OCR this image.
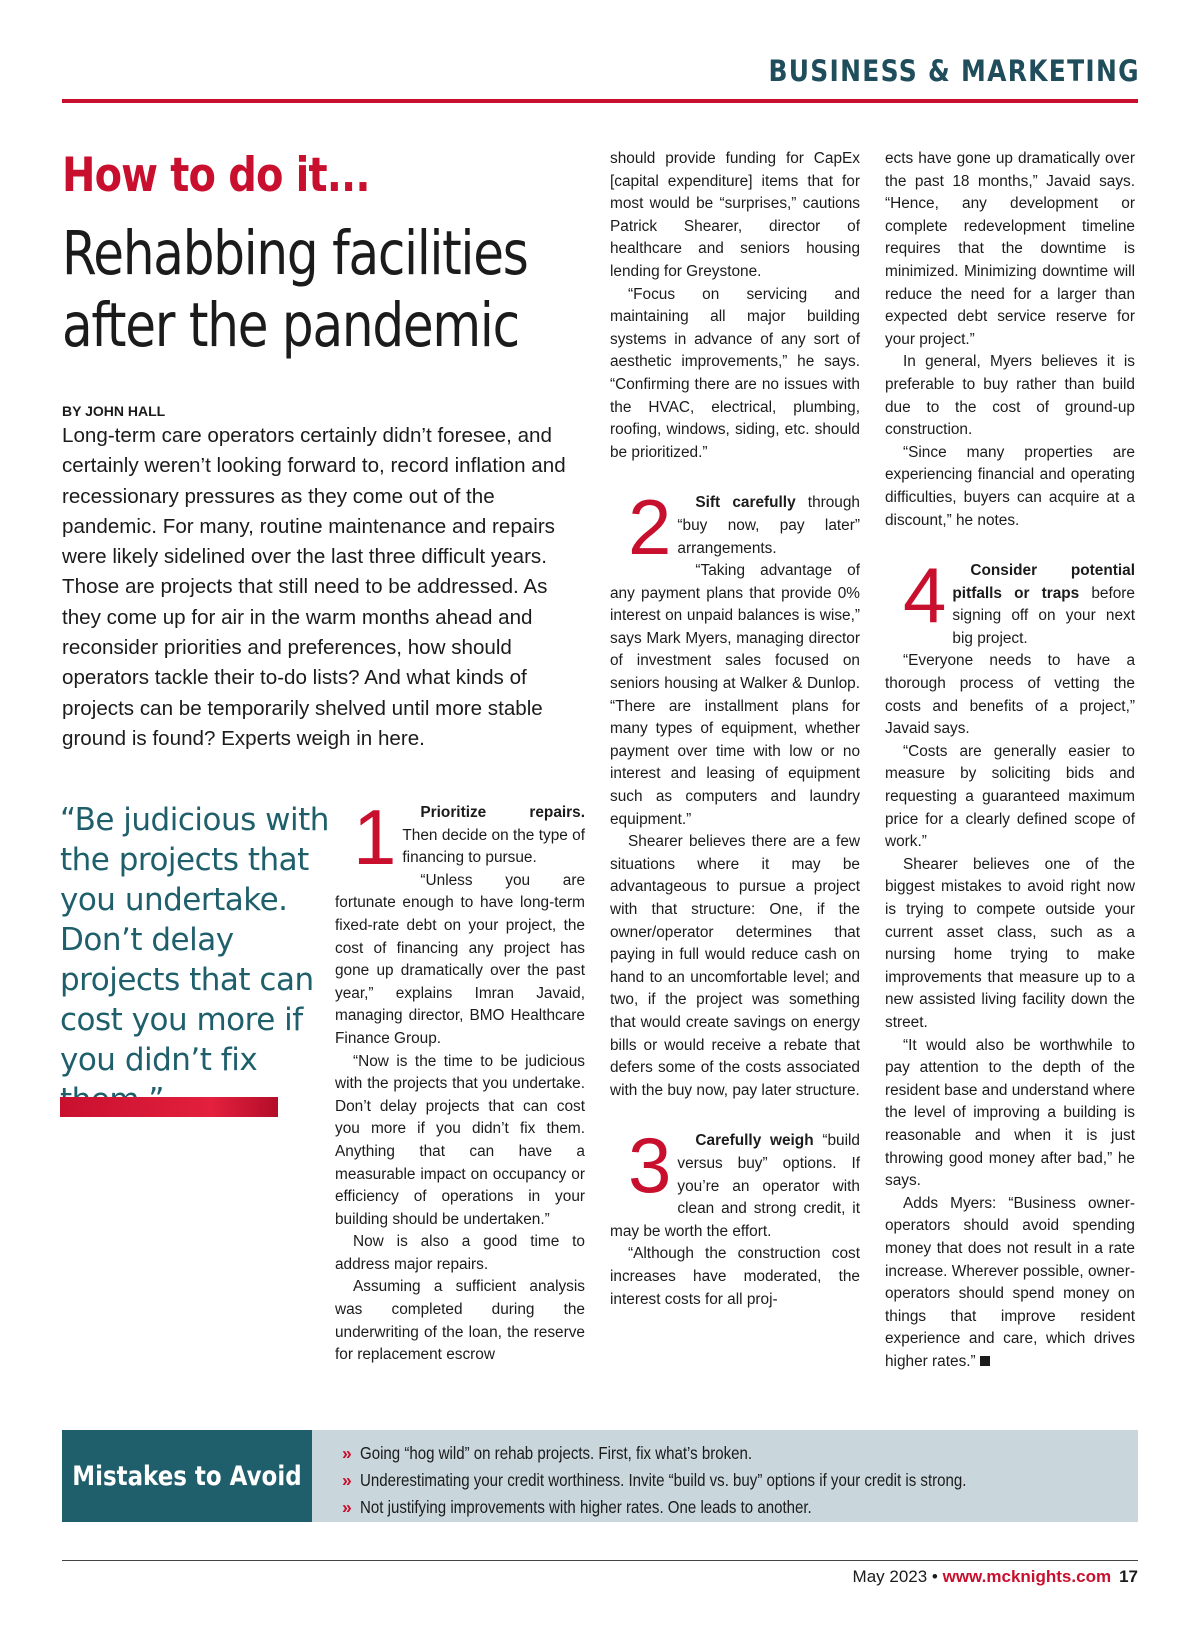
BUSINESS & MARKETING
How to do it...
Rehabbing facilities after the pandemic
BY JOHN HALL

Long-term care operators certainly didn’t foresee, and certainly weren’t looking forward to, record inflation and recessionary pressures as they come out of the pandemic. For many, routine maintenance and repairs were likely sidelined over the last three difficult years. Those are projects that still need to be addressed. As they come up for air in the warm months ahead and reconsider priorities and preferences, how should operators tackle their to-do lists? And what kinds of projects can be temporarily shelved until more stable ground is found? Experts weigh in here.

“Be judicious with the projects that you undertake. Don’t delay projects that can cost you more if you didn’t fix

1 Prioritize repairs. Then decide on the type of financing to pursue.

“Unless you are fortunate enough to have long-term fixed-rate debt on your project, the cost of financing any project has gone up dramatically over the past year,” explains Imran Javaid, managing director, BMO Healthcare Finance Group.

“Now is the time to be judicious with the projects that you undertake. Don’t delay projects that can cost you more if you didn’t fix them. Anything that can have a measurable impact on occupancy or efficiency of operations in your building should be undertaken.”

Now is also a good time to address major repairs.

Assuming a sufficient analysis was completed during the underwriting of the loan, the reserve for replacement escrow

should provide funding for CapEx [capital expenditure] items that for most would be “surprises,” cautions Patrick Shearer, director of healthcare and seniors housing lending for Greystone.

“Focus on servicing and maintaining all major building systems in advance of any sort of aesthetic improvements,” he says. “Confirming there are no issues with the HVAC, electrical, plumbing, roofing, windows, siding, etc. should be prioritized.”

2 Sift carefully through “buy now, pay later” arrangements.

“Taking advantage of any payment plans that provide 0% interest on unpaid balances is wise,” says Mark Myers, managing director of investment sales focused on seniors housing at Walker & Dunlop. “There are installment plans for many types of equipment, whether payment over time with low or no interest and leasing of equipment such as computers and laundry equipment.”

Shearer believes there are a few situations where it may be advantageous to pursue a project with that structure: One, if the owner/operator determines that paying in full would reduce cash on hand to an uncomfortable level; and two, if the project was something that would create savings on energy bills or would receive a rebate that defers some of the costs associated with the buy now, pay later structure.

3 Carefully weigh “build versus buy” options. If you’re an operator with clean and strong credit, it may be worth the effort.

“Although the construction cost increases have moderated, the interest costs for all proj-

ects have gone up dramatically over the past 18 months,” Javaid says. “Hence, any development or complete redevelopment timeline requires that the downtime is minimized. Minimizing downtime will reduce the need for a larger than expected debt service reserve for your project.”

In general, Myers believes it is preferable to buy rather than build due to the cost of ground-up construction.

“Since many properties are experiencing financial and operating difficulties, buyers can acquire at a discount,” he notes.

4 Consider potential pitfalls or traps before signing off on your next big project.

“Everyone needs to have a thorough process of vetting the costs and benefits of a project,” Javaid says.

“Costs are generally easier to measure by soliciting bids and requesting a guaranteed maximum price for a clearly defined scope of work.”

Shearer believes one of the biggest mistakes to avoid right now is trying to compete outside your current asset class, such as a nursing home trying to make improvements that measure up to a new assisted living facility down the street.

“It would also be worthwhile to pay attention to the depth of the resident base and understand where the level of improving a building is reasonable and when it is just throwing good money after bad,” he says.

Adds Myers: “Business owner-operators should avoid spending money that does not result in a rate increase. Wherever possible, owner-operators should spend money on things that improve resident experience and care, which drives higher rates.”

Mistakes to Avoid
» Going “hog wild” on rehab projects. First, fix what’s broken.
» Underestimating your credit worthiness. Invite “build vs. buy” options if your credit is strong.
» Not justifying improvements with higher rates. One leads to another.
May 2023 • www.mcknights.com 17
